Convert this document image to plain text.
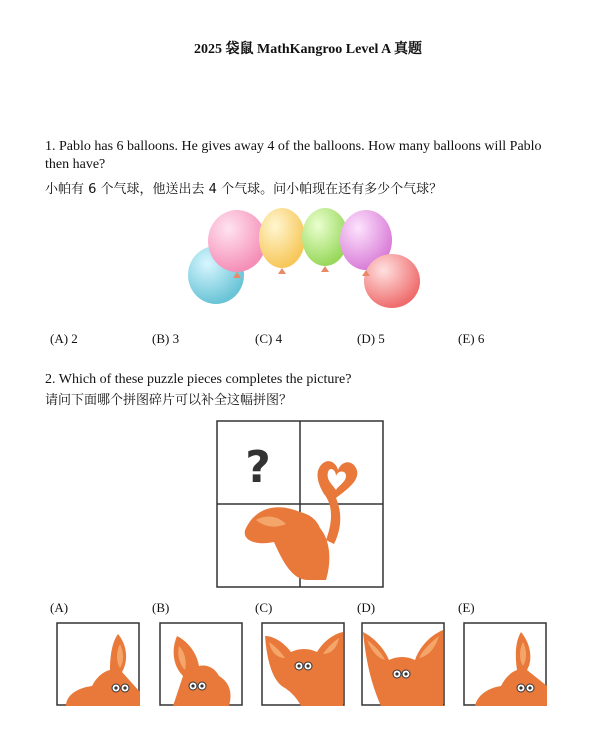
2025 袋鼠 MathKangroo Level A 真题
1. Pablo has 6 balloons. He gives away 4 of the balloons. How many balloons will Pablo then have?
小帕有 6 个气球，他送出去 4 个气球。问小帕现在还有多少个气球？
(A) 2	(B) 3	(C) 4	(D) 5	(E) 6
2. Which of these puzzle pieces completes the picture?
请问下面哪个拼图碎片可以补全这幅拼图？
?
(A)	(B)	(C)	(D)	(E)
